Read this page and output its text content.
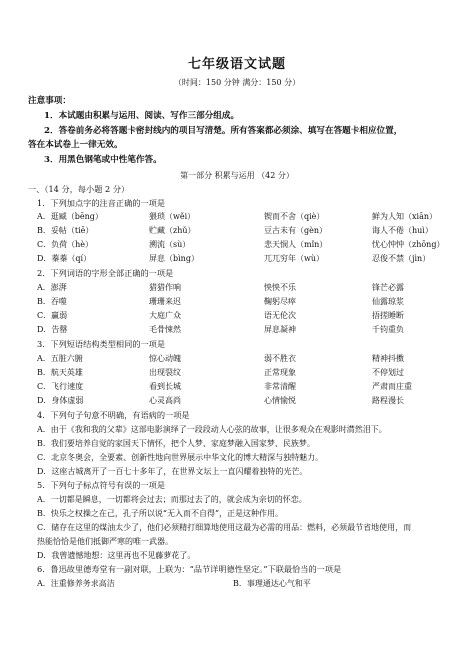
七年级语文试题
（时间：150 分钟 满分：150 分）
注意事项：
1．本试题由积累与运用、阅读、写作三部分组成。
2．答卷前务必将答题卡密封线内的项目写清楚。所有答案都必须涂、填写在答题卡相应位置，
答在本试卷上一律无效。
3．用黑色钢笔或中性笔作答。
第一部分 积累与运用 （42 分）
一、（14 分，每小题 2 分）
1．下列加点字的注音正确的一项是
A．逛臧（bēng）	猥琐（wěi）	锲而不舍（qiè）	鲜为人知（xiān）
B．妥帖（tiē）	贮藏（zhǔ）	豆古未有（gèn）	诲人不倦（huì）
C．负荷（hè）	溯流（sù）	悲天悯人（mǐn）	忧心忡忡（zhōng）
D．蓁蓁（qí）	屏息（bìng）	兀兀穷年（wù）	忍俊不禁（jìn）
2．下列词语的字形全部正确的一项是
A．澎湃	猎猎作响	怏怏不乐	锋芒必露
B．吞噬	珊珊来迟	鞠躬尽瘁	仙露琼浆
C．赢弱	大庭广众	语无伦次	捂搓睡断
D．告罄	毛骨悚然	屏息凝神	千钧重负
3．下列短语结构类型相同的一项是
A．五脏六腑	惊心动魄	弱不胜衣	精神抖擞
B．航天英雄	出现裂纹	正常现象	不停划过
C．飞行速度	看到长城	非常清醒	严肃而庄重
D．身体虚弱	心灵高尚	心情愉悦	路程漫长
4．下列句子句意不明确，有语病的一项是
A．由于《我和我的父辈》这部电影演绎了一段段动人心弦的故事，让很多观众在观影时潸然泪下。
B．我们要培养自觉的家国天下情怀，把个人梦、家庭梦融入国家梦、民族梦。
C．北京冬奥会，全要素、创新性地向世界展示中华文化的博大精深与独特魅力。
D．这座古城离开了一百七十多年了，在世界文坛上一直闪耀着独特的光芒。
5．下列句子标点符号有误的一项是
A．一切都是瞬息，一切都将会过去；而那过去了的，就会成为亲切的怀恋。
B．快乐之权操之在己，孔子所以说“无入而不自得”，正是这种作用。
C．储存在这里的煤油太少了，他们必须精打细算地使用这最为必需的用品：燃料，必须最节省地使用，而
热能恰恰是他们抵御严寒的唯一武器。
D．我曾遗憾地想：这里再也不见藤萝花了。
6．鲁迅故里德寿堂有一副对联，上联为：“品节详明德性坚定。”下联最恰当的一项是
A．注重修养务求高洁	B．事理通达心气和平
